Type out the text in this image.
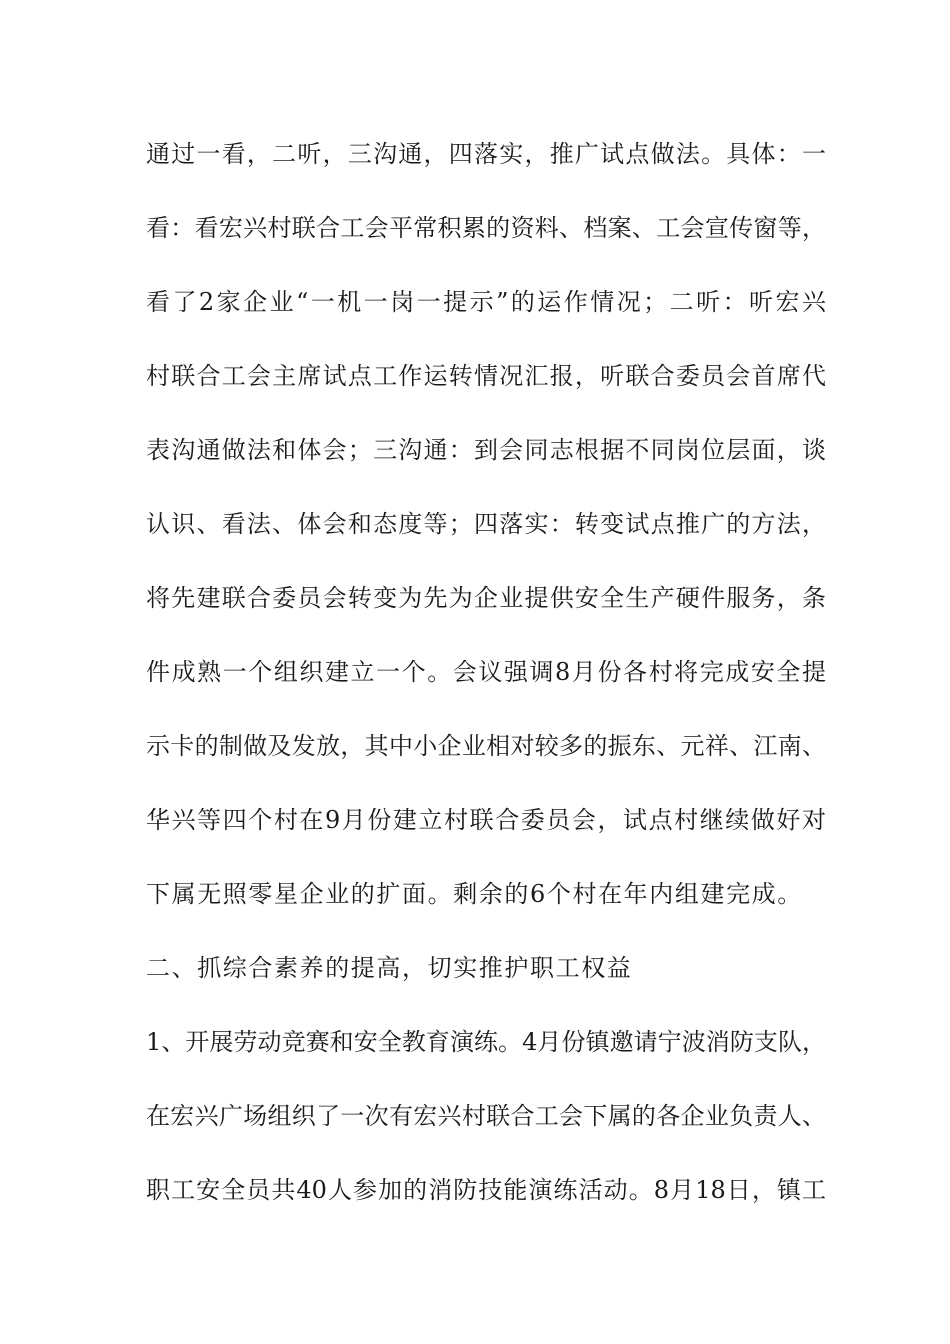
通过一看，二听，三沟通，四落实，推广试点做法。具体：一
看：看宏兴村联合工会平常积累的资料、档案、工会宣传窗等，
看了2家企业“一机一岗一提示”的运作情况；二听：听宏兴
村联合工会主席试点工作运转情况汇报，听联合委员会首席代
表沟通做法和体会；三沟通：到会同志根据不同岗位层面，谈
认识、看法、体会和态度等；四落实：转变试点推广的方法，
将先建联合委员会转变为先为企业提供安全生产硬件服务，条
件成熟一个组织建立一个。会议强调8月份各村将完成安全提
示卡的制做及发放，其中小企业相对较多的振东、元祥、江南、
华兴等四个村在9月份建立村联合委员会，试点村继续做好对
下属无照零星企业的扩面。剩余的6个村在年内组建完成。
二、抓综合素养的提高，切实推护职工权益
1、开展劳动竞赛和安全教育演练。4月份镇邀请宁波消防支队，
在宏兴广场组织了一次有宏兴村联合工会下属的各企业负责人、
职工安全员共40人参加的消防技能演练活动。8月18日，镇工
